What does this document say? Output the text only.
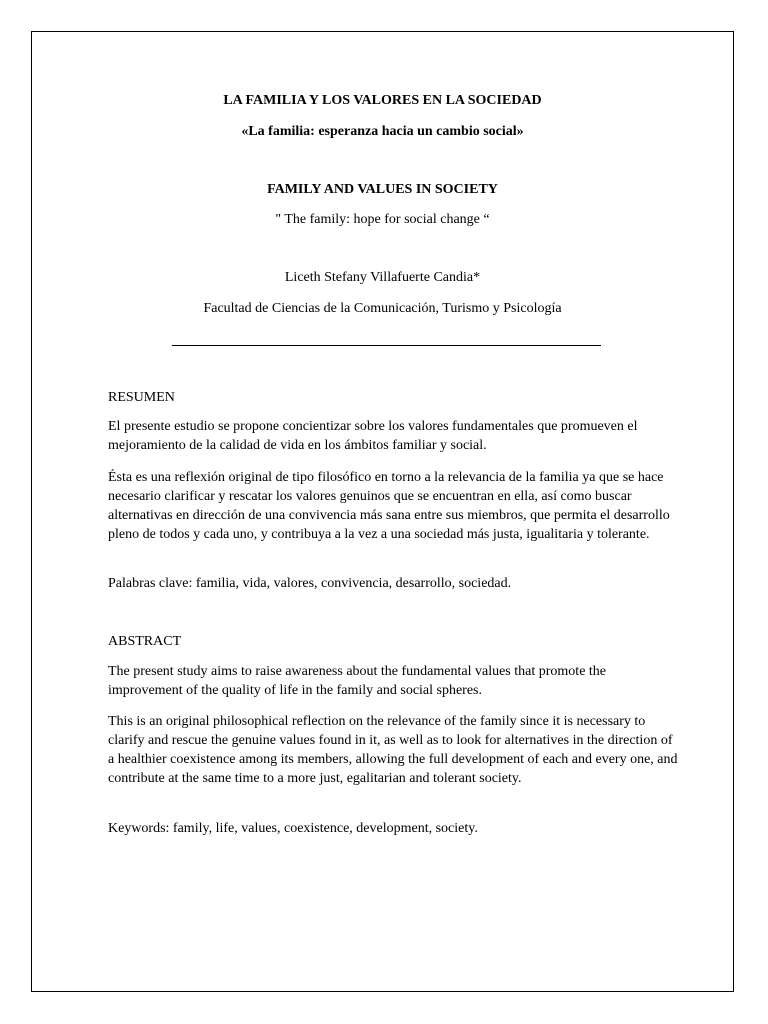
LA FAMILIA Y LOS VALORES EN LA SOCIEDAD
«La familia: esperanza hacia un cambio social»
FAMILY AND VALUES IN SOCIETY
" The family: hope for social change “
Liceth Stefany Villafuerte Candia*
Facultad de Ciencias de la Comunicación, Turismo y Psicología
RESUMEN
El presente estudio se propone concientizar sobre los valores fundamentales que promueven el mejoramiento de la calidad de vida en los ámbitos familiar y social.
Ésta es una reflexión original de tipo filosófico en torno a la relevancia de la familia ya que se hace necesario clarificar y rescatar los valores genuinos que se encuentran en ella, así como buscar alternativas en dirección de una convivencia más sana entre sus miembros, que permita el desarrollo pleno de todos y cada uno, y contribuya a la vez a una sociedad más justa, igualitaria y tolerante.
Palabras clave: familia, vida, valores, convivencia, desarrollo, sociedad.
ABSTRACT
The present study aims to raise awareness about the fundamental values that promote the improvement of the quality of life in the family and social spheres.
This is an original philosophical reflection on the relevance of the family since it is necessary to clarify and rescue the genuine values found in it, as well as to look for alternatives in the direction of a healthier coexistence among its members, allowing the full development of each and every one, and contribute at the same time to a more just, egalitarian and tolerant society.
Keywords: family, life, values, coexistence, development, society.
